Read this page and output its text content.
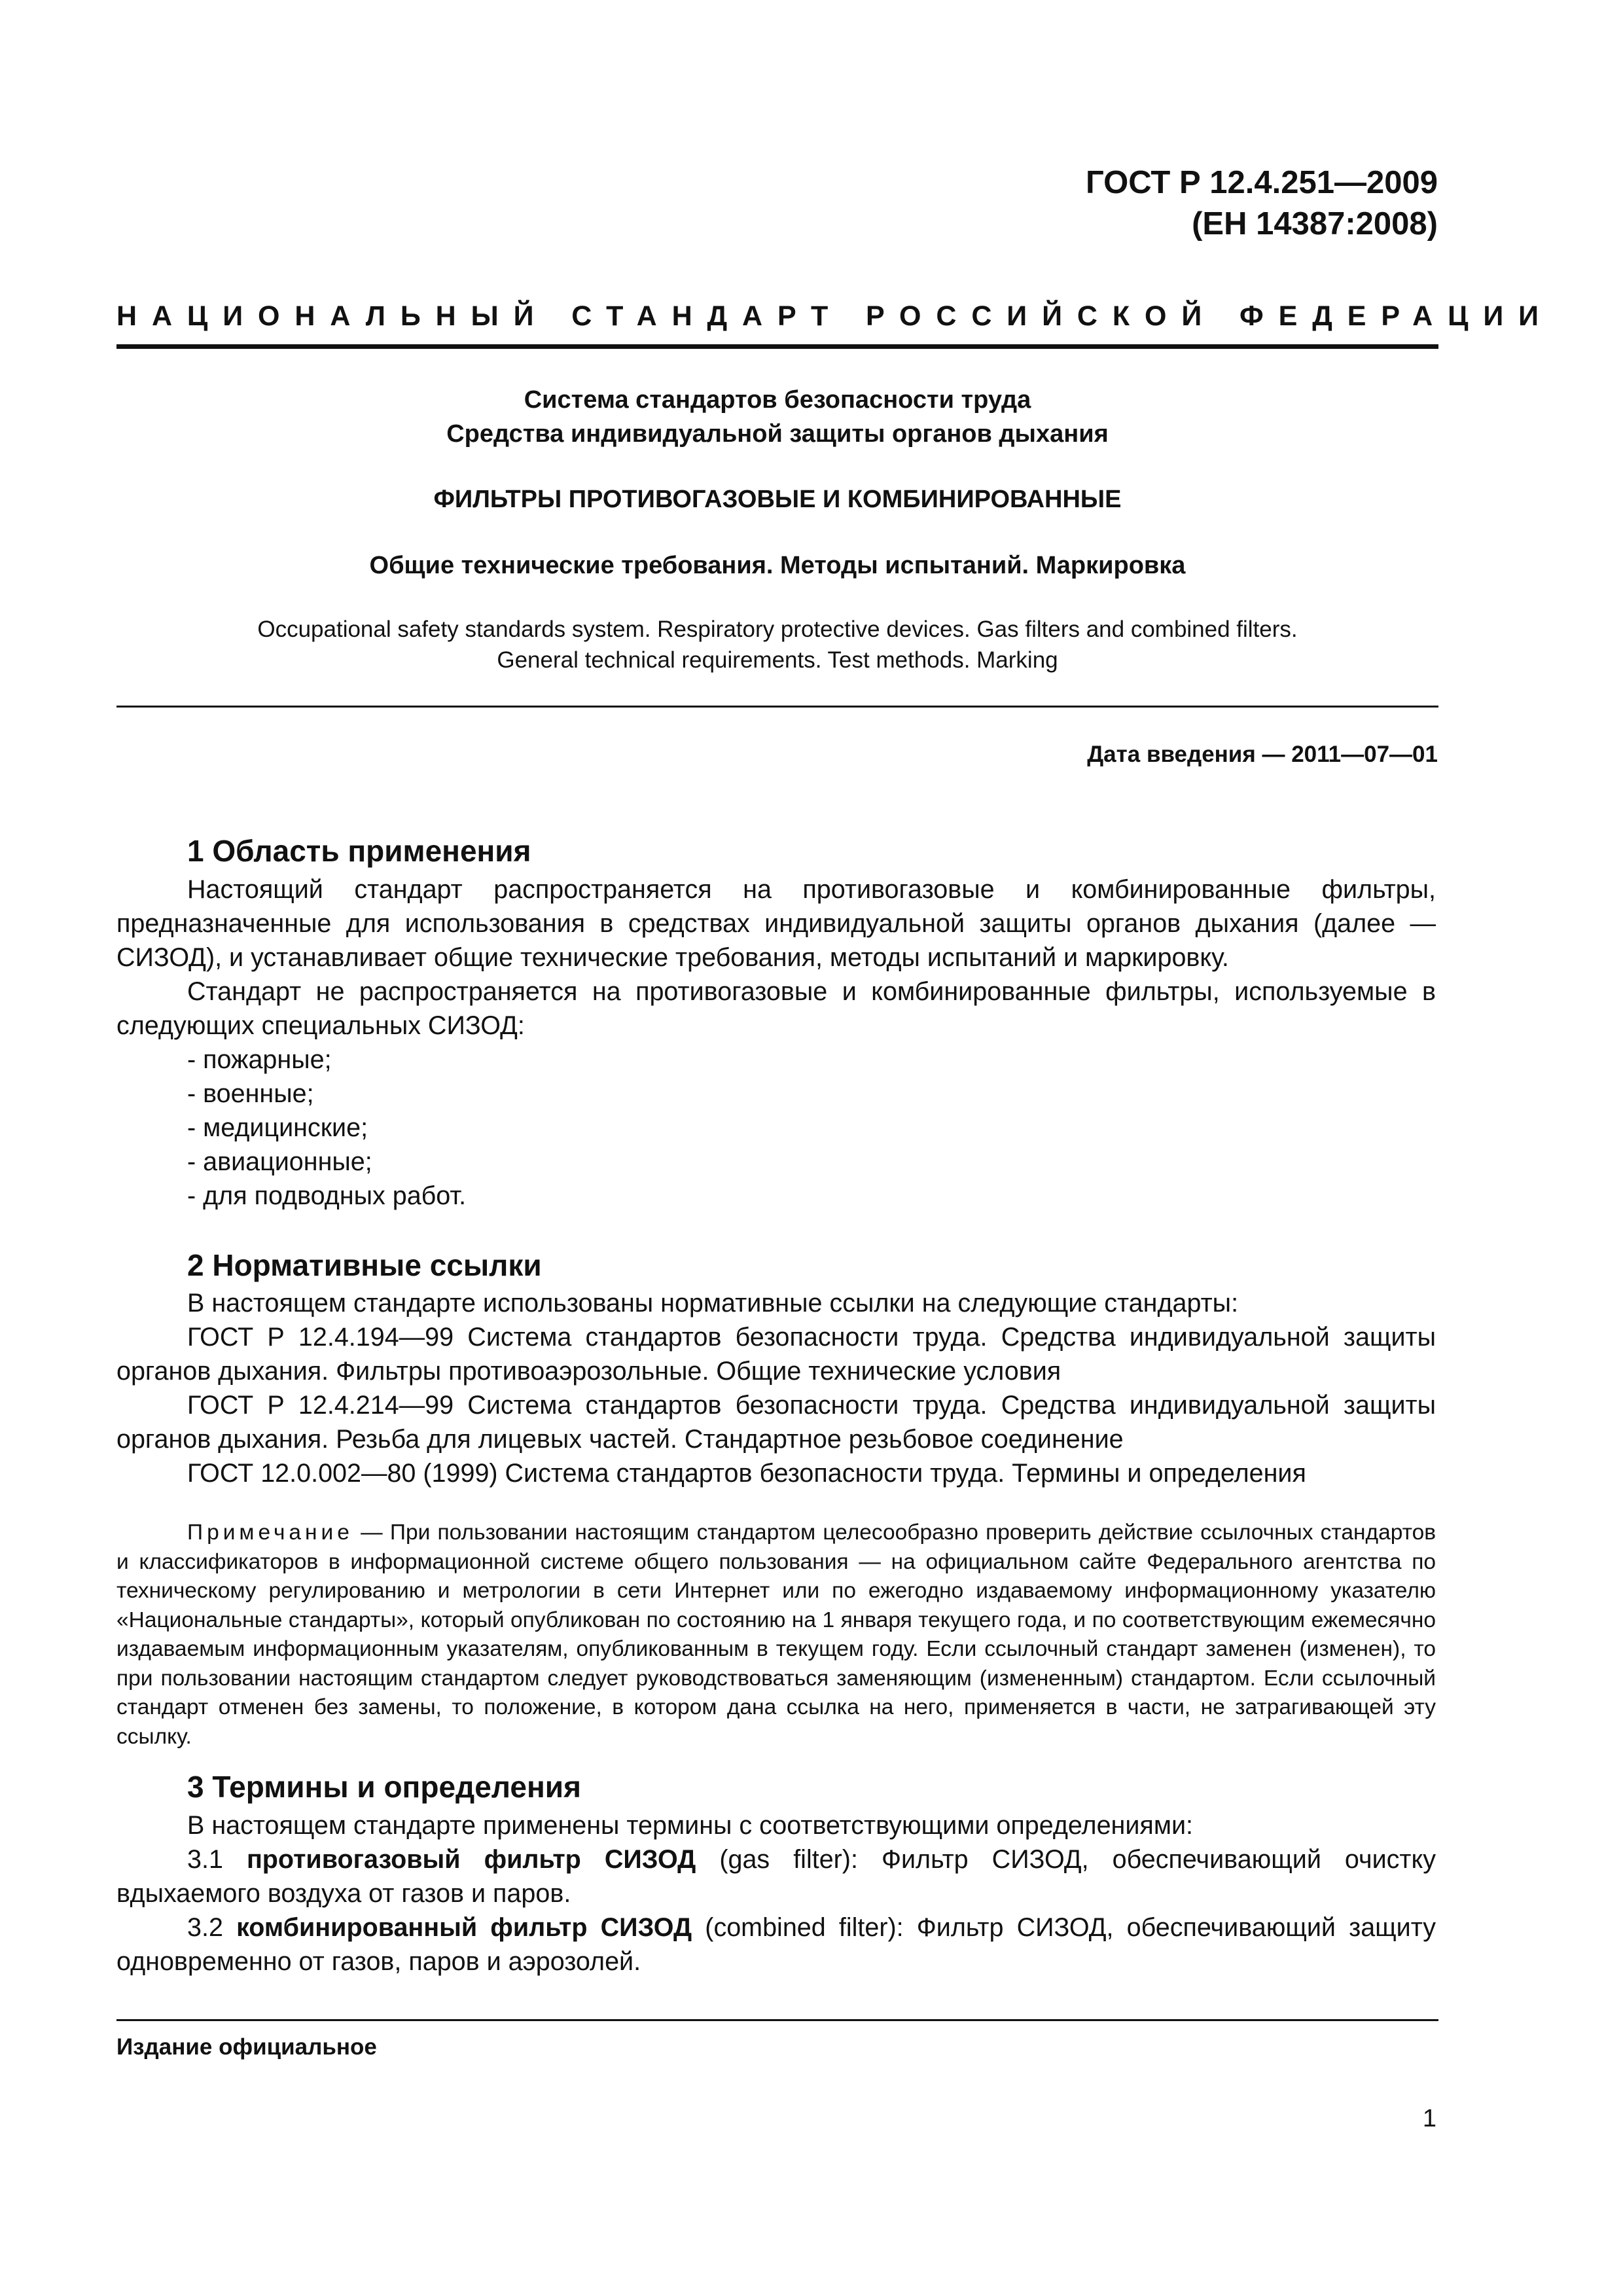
ГОСТ Р 12.4.251—2009
(ЕН 14387:2008)
НАЦИОНАЛЬНЫЙ СТАНДАРТ РОССИЙСКОЙ ФЕДЕРАЦИИ
Система стандартов безопасности труда
Средства индивидуальной защиты органов дыхания
ФИЛЬТРЫ ПРОТИВОГАЗОВЫЕ И КОМБИНИРОВАННЫЕ
Общие технические требования. Методы испытаний. Маркировка
Occupational safety standards system. Respiratory protective devices. Gas filters and combined filters.
General technical requirements. Test methods. Marking
Дата введения — 2011—07—01
1 Область применения

Настоящий стандарт распространяется на противогазовые и комбинированные фильтры, предназначенные для использования в средствах индивидуальной защиты органов дыхания (далее — СИЗОД), и устанавливает общие технические требования, методы испытаний и маркировку.

Стандарт не распространяется на противогазовые и комбинированные фильтры, используемые в следующих специальных СИЗОД:

- пожарные;

- военные;

- медицинские;

- авиационные;

- для подводных работ.

2 Нормативные ссылки

В настоящем стандарте использованы нормативные ссылки на следующие стандарты:

ГОСТ Р 12.4.194—99 Система стандартов безопасности труда. Средства индивидуальной защиты органов дыхания. Фильтры противоаэрозольные. Общие технические условия

ГОСТ Р 12.4.214—99 Система стандартов безопасности труда. Средства индивидуальной защиты органов дыхания. Резьба для лицевых частей. Стандартное резьбовое соединение

ГОСТ 12.0.002—80 (1999) Система стандартов безопасности труда. Термины и определения

Примечание — При пользовании настоящим стандартом целесообразно проверить действие ссылочных стандартов и классификаторов в информационной системе общего пользования — на официальном сайте Федерального агентства по техническому регулированию и метрологии в сети Интернет или по ежегодно издаваемому информационному указателю «Национальные стандарты», который опубликован по состоянию на 1 января текущего года, и по соответствующим ежемесячно издаваемым информационным указателям, опубликованным в текущем году. Если ссылочный стандарт заменен (изменен), то при пользовании настоящим стандартом следует руководствоваться заменяющим (измененным) стандартом. Если ссылочный стандарт отменен без замены, то положение, в котором дана ссылка на него, применяется в части, не затрагивающей эту ссылку.

3 Термины и определения

В настоящем стандарте применены термины с соответствующими определениями:

3.1 противогазовый фильтр СИЗОД (gas filter): Фильтр СИЗОД, обеспечивающий очистку вдыхаемого воздуха от газов и паров.

3.2 комбинированный фильтр СИЗОД (combined filter): Фильтр СИЗОД, обеспечивающий защиту одновременно от газов, паров и аэрозолей.

Издание официальное
1
